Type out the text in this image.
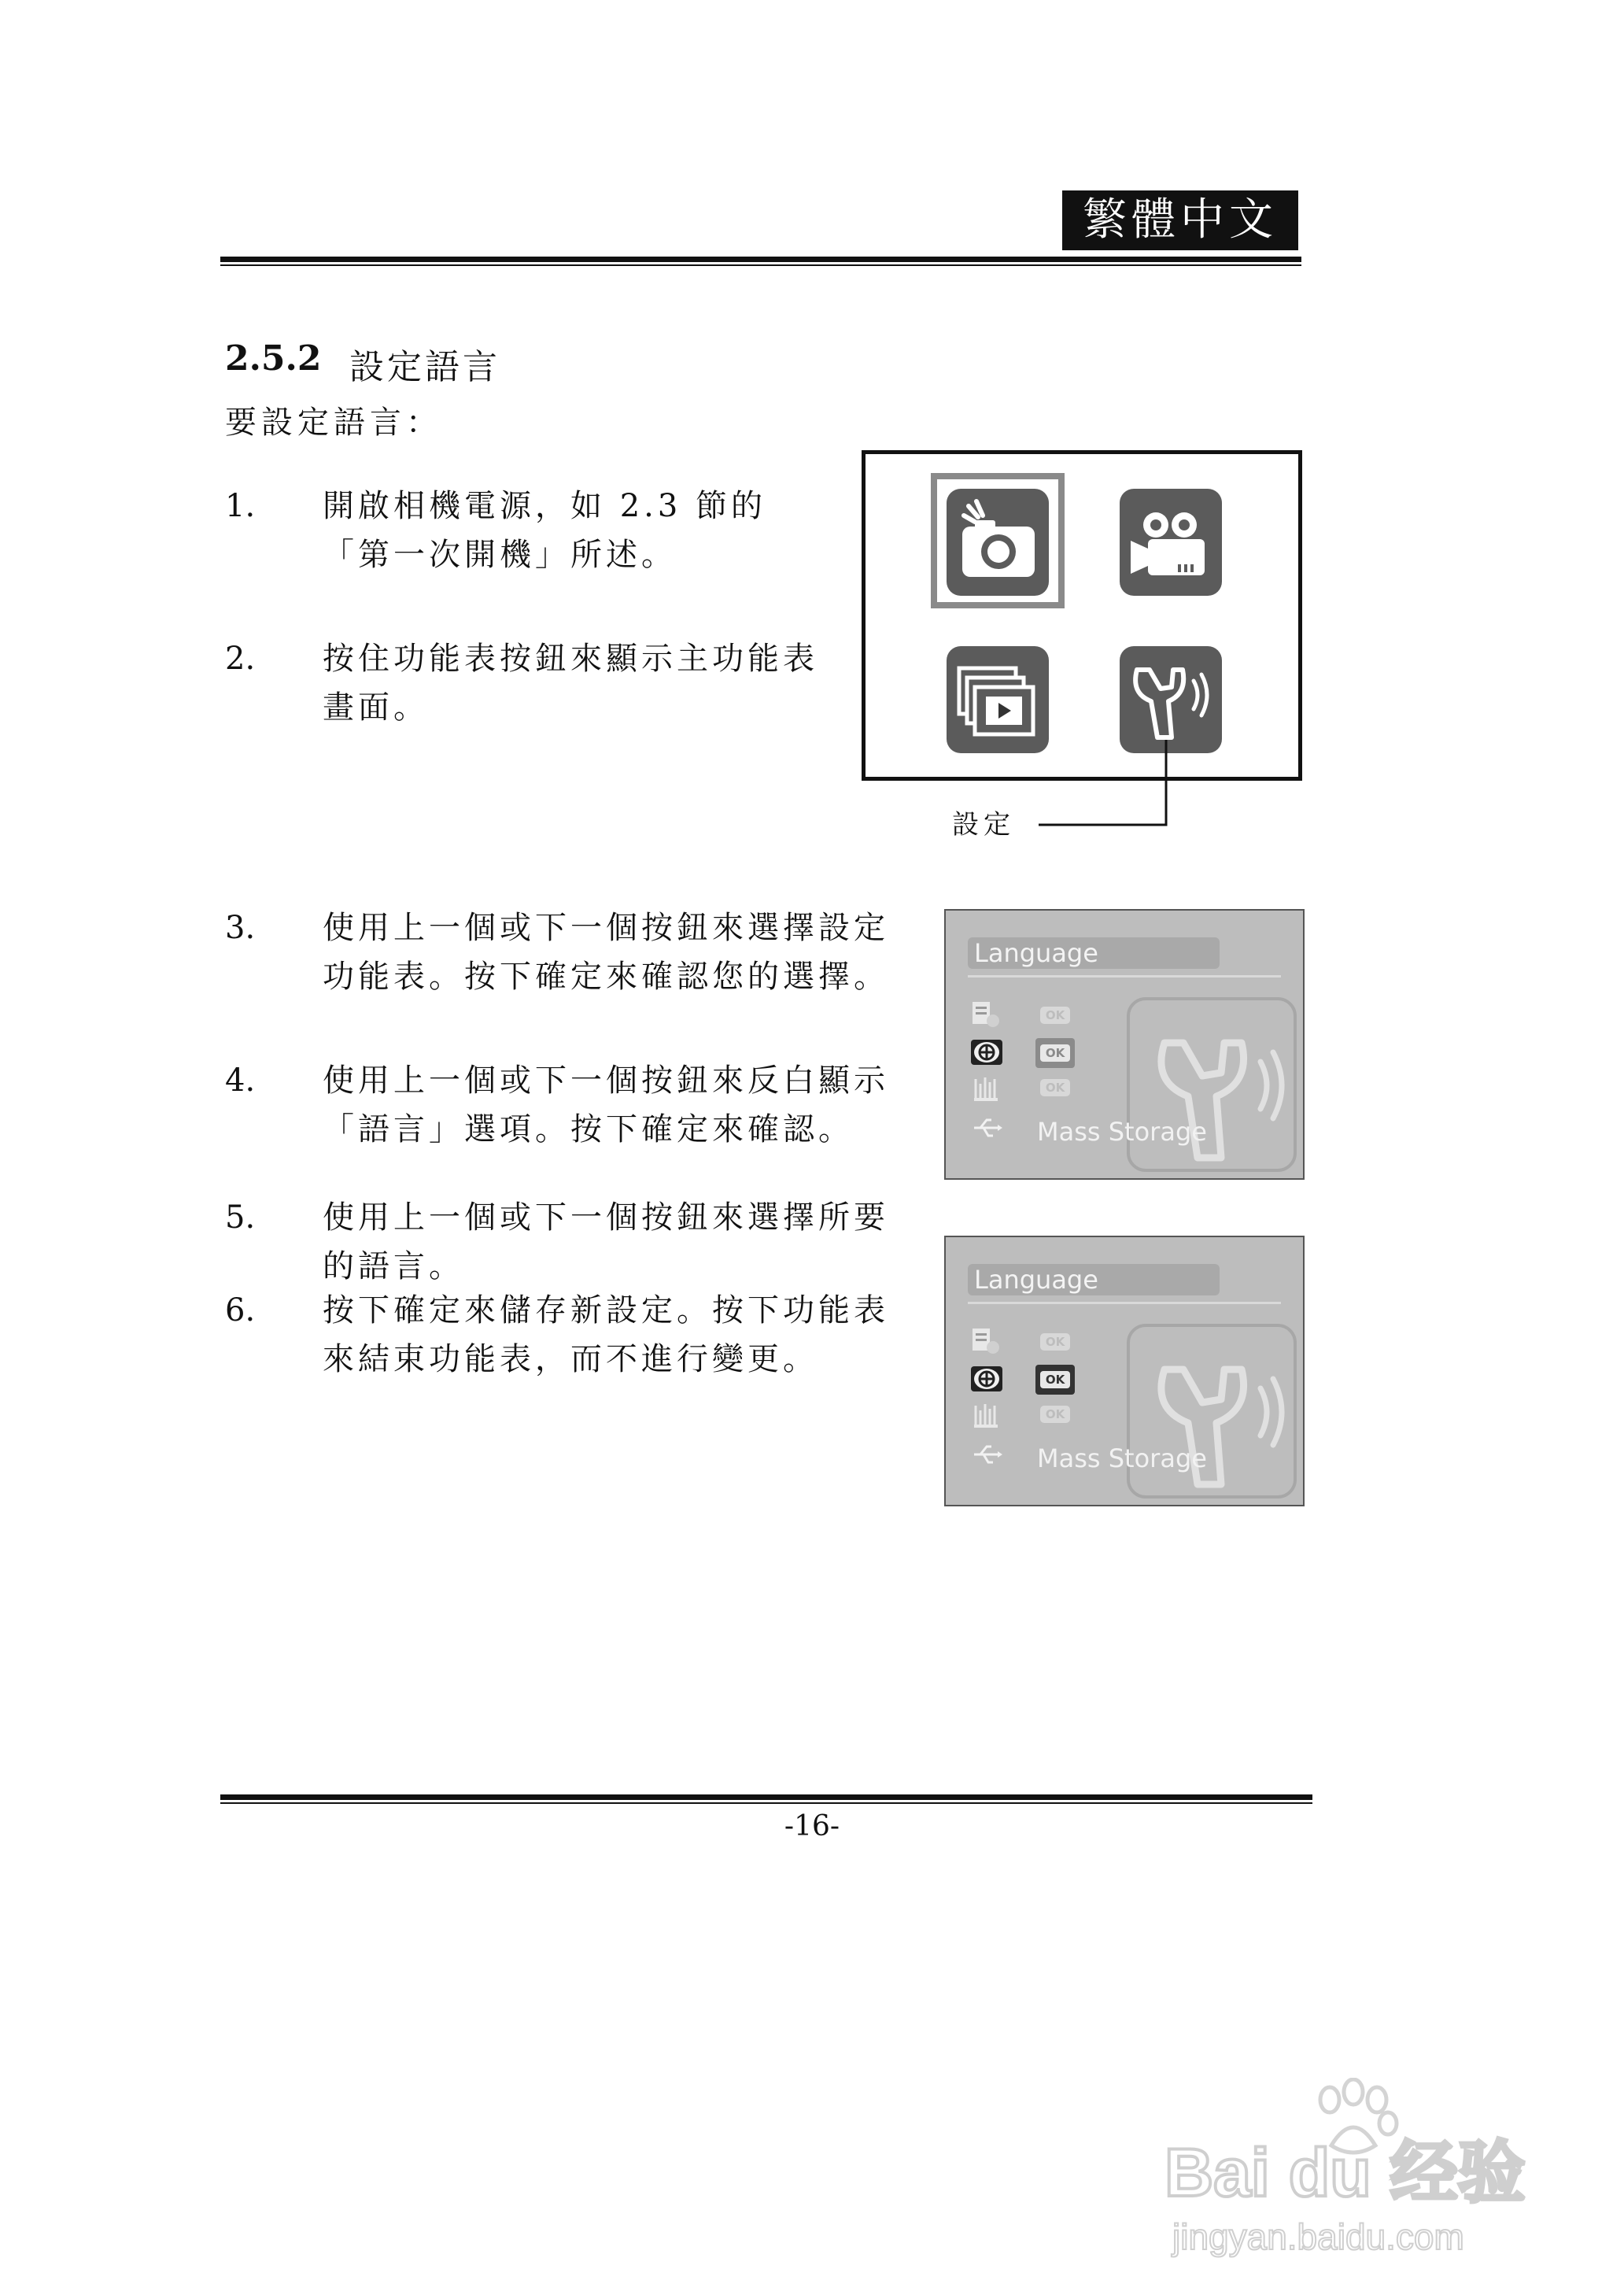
繁體中文
2.5.2 設定語言
要設定語言：
1. 開啟相機電源，如 2.3 節的「第一次開機」所述。
2. 按住功能表按鈕來顯示主功能表畫面。
3. 使用上一個或下一個按鈕來選擇設定功能表。按下確定來確認您的選擇。
4. 使用上一個或下一個按鈕來反白顯示「語言」選項。按下確定來確認。
5. 使用上一個或下一個按鈕來選擇所要的語言。
6. 按下確定來儲存新設定。按下功能表來結束功能表，而不進行變更。
設定
Language
OK
OK
OK
Mass Storage
Language
OK
OK
OK
Mass Storage
-16-
Bai du 经验
jingyan.baidu.com
